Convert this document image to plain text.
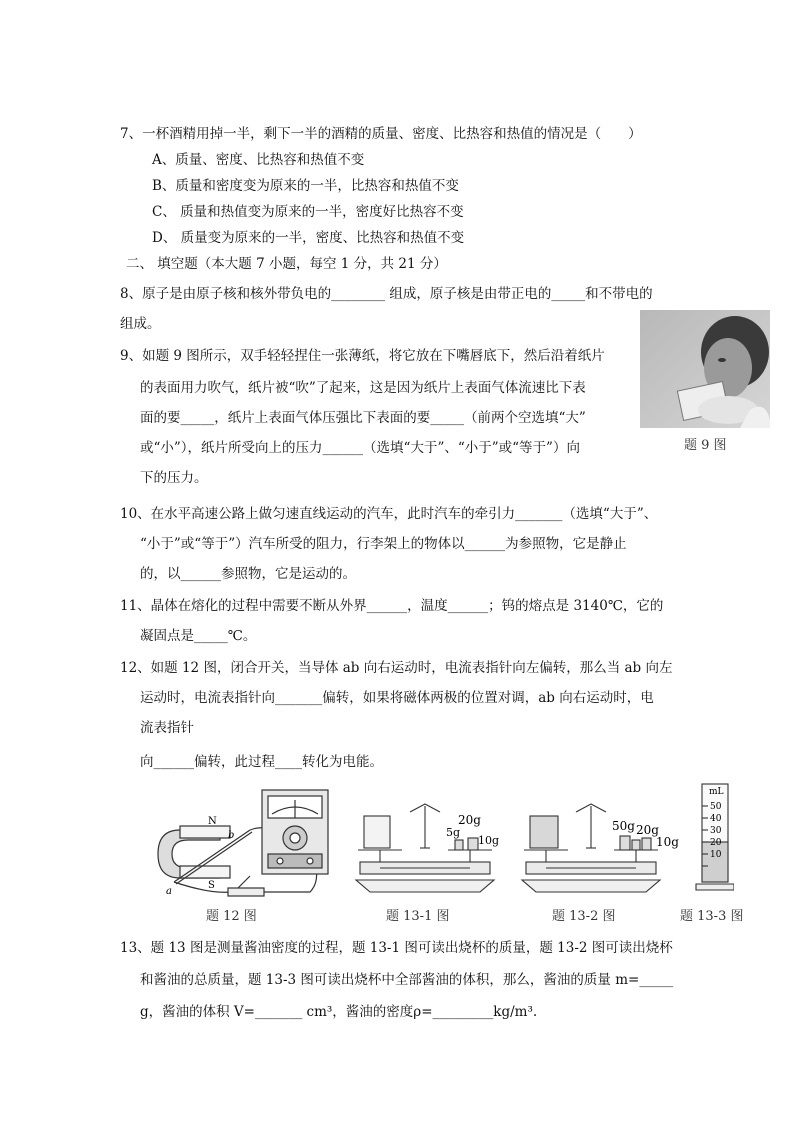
7、一杯酒精用掉一半，剩下一半的酒精的质量、密度、比热容和热值的情况是（　　）
A、质量、密度、比热容和热值不变
B、质量和密度变为原来的一半，比热容和热值不变
C、 质量和热值变为原来的一半，密度好比热容不变
D、 质量变为原来的一半，密度、比热容和热值不变
二、 填空题（本大题 7 小题，每空 1 分，共 21 分）
8、原子是由原子核和核外带负电的________ 组成，原子核是由带正电的_____和不带电的
组成。
题 9 图
9、如题 9 图所示，双手轻轻捏住一张薄纸，将它放在下嘴唇底下，然后沿着纸片
的表面用力吹气，纸片被“吹”了起来，这是因为纸片上表面气体流速比下表
面的要_____，纸片上表面气体压强比下表面的要_____（前两个空选填“大”
或“小”），纸片所受向上的压力______（选填“大于”、“小于”或“等于”）向
下的压力。
10、在水平高速公路上做匀速直线运动的汽车，此时汽车的牵引力_______（选填“大于”、
“小于”或“等于”）汽车所受的阻力，行李架上的物体以______为参照物，它是静止
的，以______参照物，它是运动的。
11、晶体在熔化的过程中需要不断从外界______，温度______；钨的熔点是 3140℃，它的
凝固点是_____℃。
12、如题 12 图，闭合开关，当导体 ab 向右运动时，电流表指针向左偏转，那么当 ab 向左
运动时，电流表指针向_______偏转，如果将磁体两极的位置对调，ab 向右运动时，电
流表指针
向______偏转，此过程____转化为电能。
N
S
a
b
题 12 图
20g
5g
10g
题 13-1 图
50g 20g
10g
题 13-2 图
mL
50
40
30
20
10
题 13-3 图
13、题 13 图是测量酱油密度的过程，题 13-1 图可读出烧杯的质量，题 13-2 图可读出烧杯
和酱油的总质量，题 13-3 图可读出烧杯中全部酱油的体积，那么，酱油的质量 m=_____
g，酱油的体积 V=_______ cm³，酱油的密度ρ=_________kg/m³.
